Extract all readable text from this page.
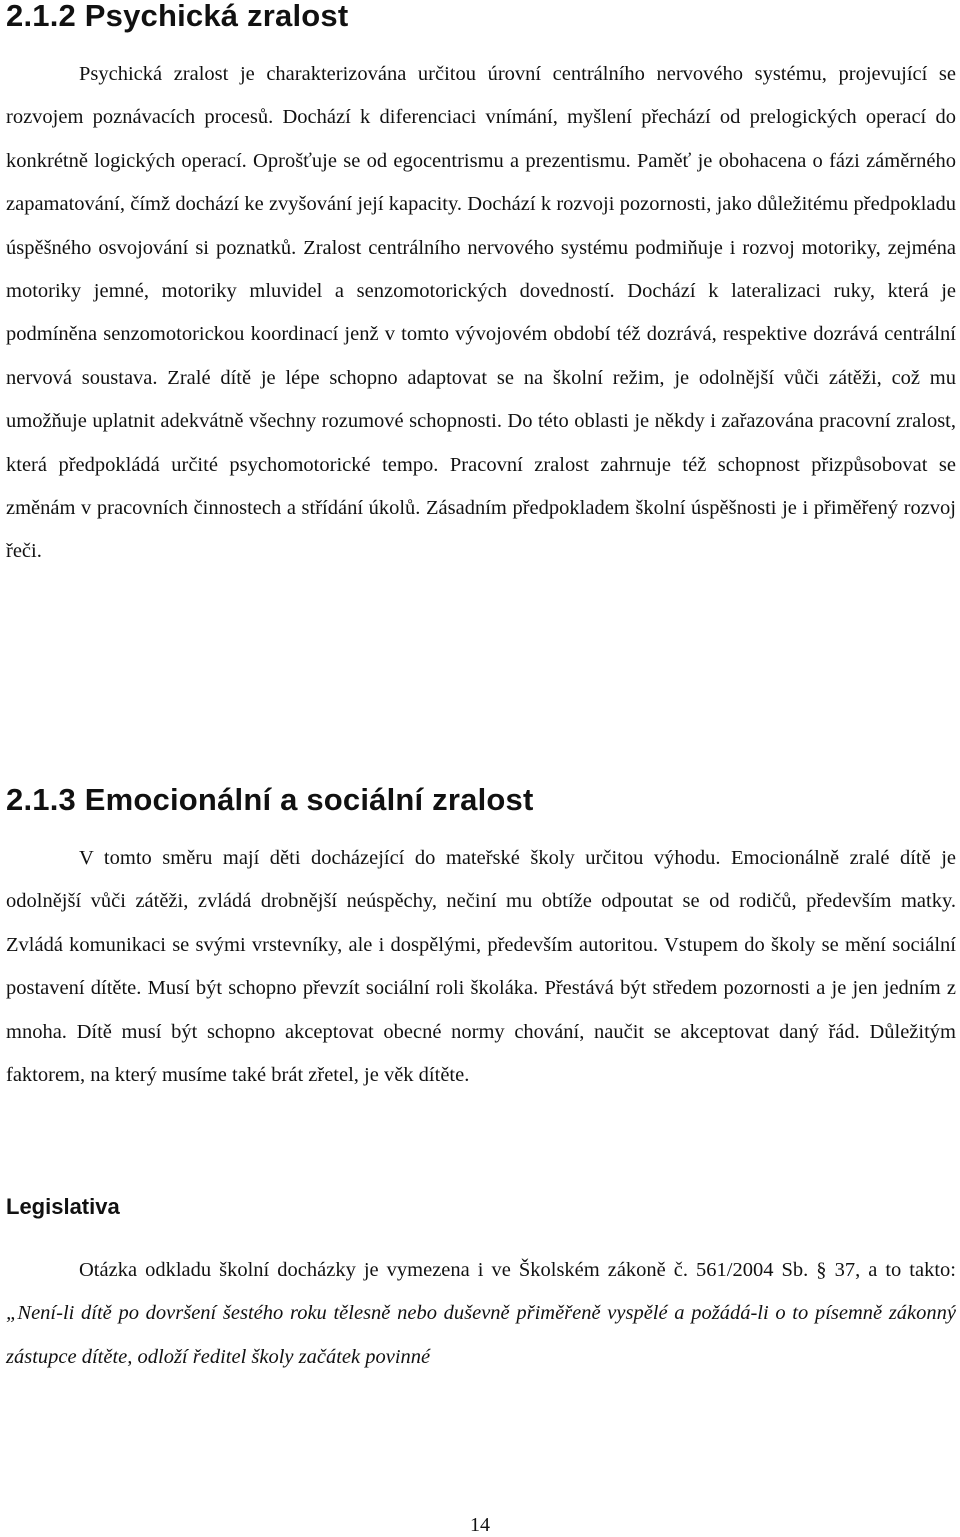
2.1.2 Psychická zralost

Psychická zralost je charakterizována určitou úrovní centrálního nervového systému, projevující se rozvojem poznávacích procesů. Dochází k diferenciaci vnímání, myšlení přechází od prelogických operací do konkrétně logických operací. Oprošťuje se od egocentrismu a prezentismu. Paměť je obohacena o fázi záměrného zapamatování, čímž dochází ke zvyšování její kapacity. Dochází k rozvoji pozornosti, jako důležitému předpokladu úspěšného osvojování si poznatků. Zralost centrálního nervového systému podmiňuje i rozvoj motoriky, zejména motoriky jemné, motoriky mluvidel a senzomotorických dovedností. Dochází k lateralizaci ruky, která je podmíněna senzomotorickou koordinací jenž v tomto vývojovém období též dozrává, respektive dozrává centrální nervová soustava. Zralé dítě je lépe schopno adaptovat se na školní režim, je odolnější vůči zátěži, což mu umožňuje uplatnit adekvátně všechny rozumové schopnosti. Do této oblasti je někdy i zařazována pracovní zralost, která předpokládá určité psychomotorické tempo. Pracovní zralost zahrnuje též schopnost přizpůsobovat se změnám v pracovních činnostech a střídání úkolů. Zásadním předpokladem školní úspěšnosti je i přiměřený rozvoj řeči.

2.1.3 Emocionální a sociální zralost

V tomto směru mají děti docházející do mateřské školy určitou výhodu. Emocionálně zralé dítě je odolnější vůči zátěži, zvládá drobnější neúspěchy, nečiní mu obtíže odpoutat se od rodičů, především matky. Zvládá komunikaci se svými vrstevníky, ale i dospělými, především autoritou. Vstupem do školy se mění sociální postavení dítěte. Musí být schopno převzít sociální roli školáka. Přestává být středem pozornosti a je jen jedním z mnoha. Dítě musí být schopno akceptovat obecné normy chování, naučit se akceptovat daný řád. Důležitým faktorem, na který musíme také brát zřetel, je věk dítěte.

Legislativa

Otázka odkladu školní docházky je vymezena i ve Školském zákoně č. 561/2004 Sb. § 37, a to takto: „Není-li dítě po dovršení šestého roku tělesně nebo duševně přiměřeně vyspělé a požádá-li o to písemně zákonný zástupce dítěte, odloží ředitel školy začátek povinné

14
